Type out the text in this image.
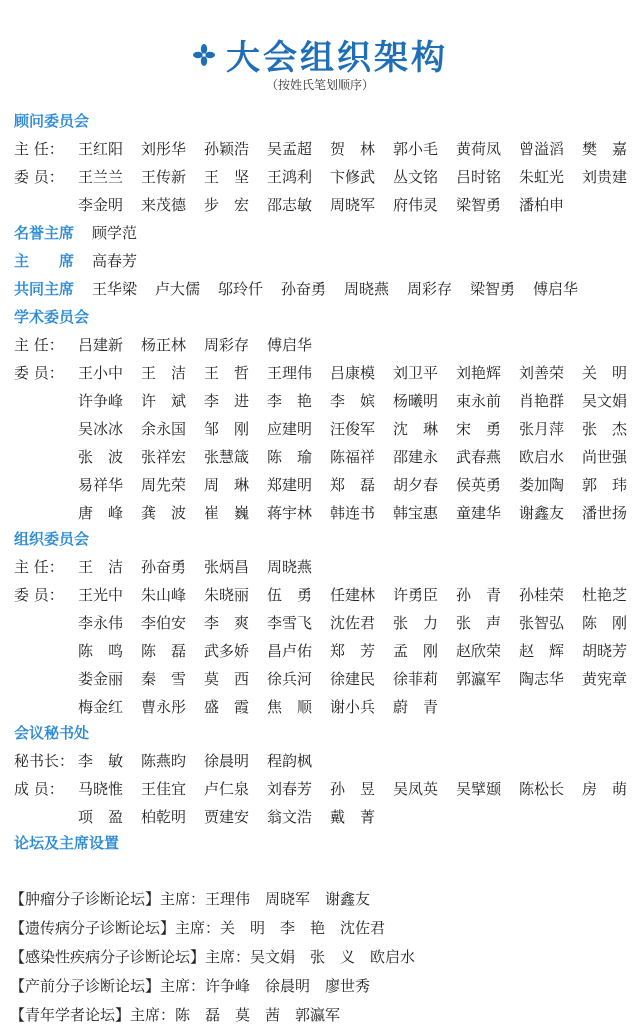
大会组织架构
（按姓氏笔划顺序）
顾问委员会
主 任： 王红阳 刘彤华 孙颖浩 吴孟超 贺　林 郭小毛 黄荷凤 曾溢滔 樊　嘉
委 员： 王兰兰 王传新 王　坚 王鸿利 卞修武 丛文铭 吕时铭 朱虹光 刘贵建
李金明 来茂德 步　宏 邵志敏 周晓军 府伟灵 梁智勇 潘柏申
名誉主席 顾学范
主　　席 高春芳
共同主席 王华梁 卢大儒 邬玲仟 孙奋勇 周晓燕 周彩存 梁智勇 傅启华
学术委员会
主 任： 吕建新 杨正林 周彩存 傅启华
委 员： 王小中 王　洁 王　哲 王理伟 吕康模 刘卫平 刘艳辉 刘善荣 关　明
许争峰 许　斌 李　进 李　艳 李　嫔 杨曦明 束永前 肖艳群 吴文娟
吴冰冰 余永国 邹　刚 应建明 汪俊军 沈　琳 宋　勇 张月萍 张　杰
张　波 张祥宏 张慧箴 陈　瑜 陈福祥 邵建永 武春燕 欧启水 尚世强
易祥华 周先荣 周　琳 郑建明 郑　磊 胡夕春 侯英勇 娄加陶 郭　玮
唐　峰 龚　波 崔　巍 蒋宇林 韩连书 韩宝惠 童建华 谢鑫友 潘世扬
组织委员会
主 任： 王　洁 孙奋勇 张炳昌 周晓燕
委 员： 王光中 朱山峰 朱晓丽 伍　勇 任建林 许勇臣 孙　青 孙桂荣 杜艳芝
李永伟 李伯安 李　爽 李雪飞 沈佐君 张　力 张　声 张智弘 陈　刚
陈　鸣 陈　磊 武多娇 昌卢佑 郑　芳 孟　刚 赵欣荣 赵　辉 胡晓芳
娄金丽 秦　雪 莫　西 徐兵河 徐建民 徐菲莉 郭瀛军 陶志华 黄宪章
梅金红 曹永彤 盛　霞 焦　顺 谢小兵 蔚　青
会议秘书处
秘书长： 李　敏 陈燕昀 徐晨明 程韵枫
成 员： 马晓惟 王佳宜 卢仁泉 刘春芳 孙　昱 吴凤英 吴擘颋 陈松长 房　萌
项　盈 柏乾明 贾建安 翁文浩 戴　菁
论坛及主席设置
【肿瘤分子诊断论坛】主席：王理伟　周晓军　谢鑫友
【遗传病分子诊断论坛】主席：关　明　李　艳　沈佐君
【感染性疾病分子诊断论坛】主席：吴文娟　张　义　欧启水
【产前分子诊断论坛】主席：许争峰　徐晨明　廖世秀
【青年学者论坛】主席：陈　磊　莫　茜　郭瀛军
